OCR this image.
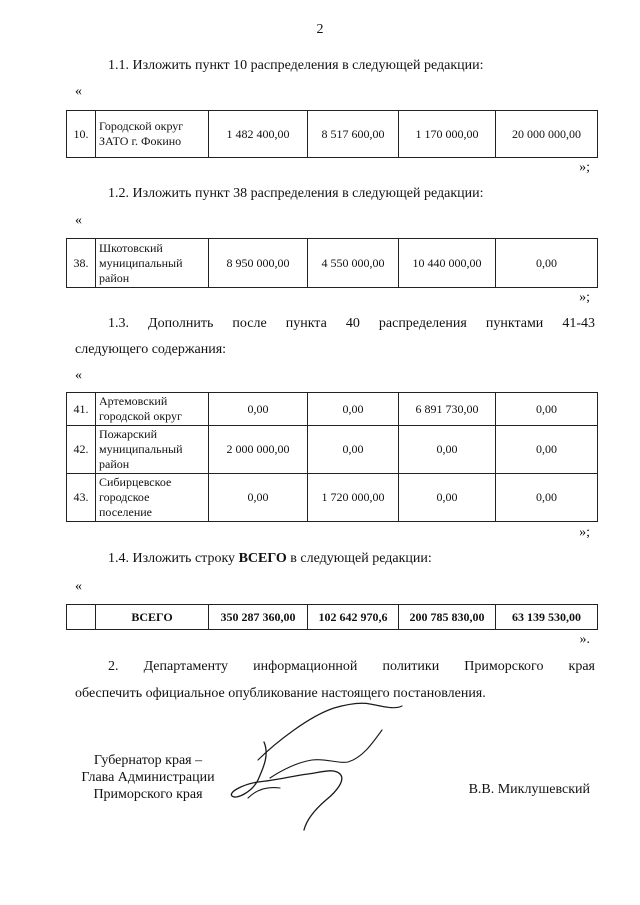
2
1.1. Изложить пункт 10 распределения в следующей редакции:
«
10.	Городской округ ЗАТО г. Фокино	1 482 400,00	8 517 600,00	1 170 000,00	20 000 000,00
»;
1.2. Изложить пункт 38 распределения в следующей редакции:
«
38.	Шкотовский муниципальный район	8 950 000,00	4 550 000,00	10 440 000,00	0,00
»;
1.3. Дополнить после пункта 40 распределения пунктами 41-43
следующего содержания:
«
41.	Артемовский городской округ	0,00	0,00	6 891 730,00	0,00
42.	Пожарский муниципальный район	2 000 000,00	0,00	0,00	0,00
43.	Сибирцевское городское поселение	0,00	1 720 000,00	0,00	0,00
»;
1.4. Изложить строку ВСЕГО в следующей редакции:
«
	ВСЕГО	350 287 360,00	102 642 970,6	200 785 830,00	63 139 530,00
».
2. Департаменту информационной политики Приморского края
обеспечить официальное опубликование настоящего постановления.
Губернатор края –
Глава Администрации
Приморского края	В.В. Миклушевский
